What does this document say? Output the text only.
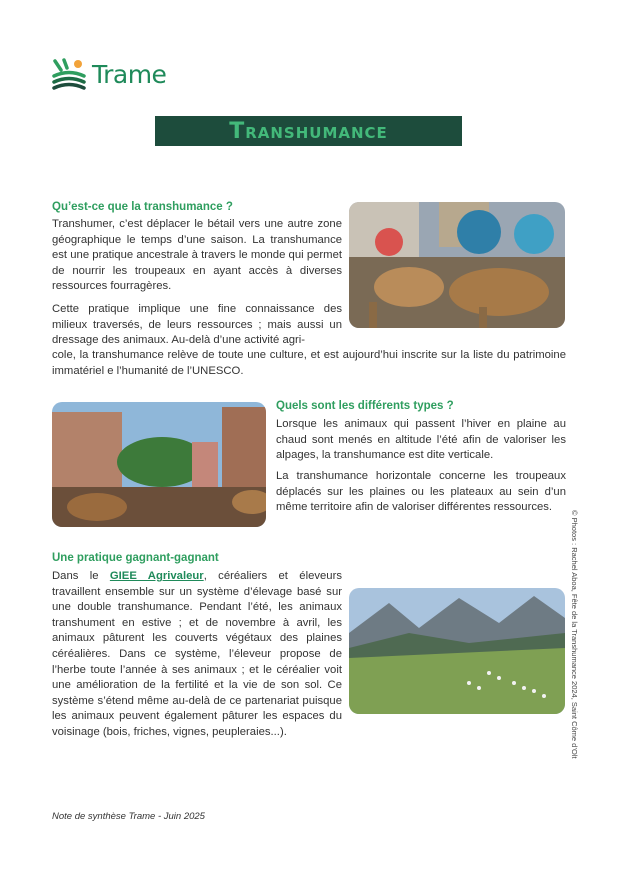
Trame
Transhumance
Qu’est-ce que la transhumance ?

Transhumer, c’est déplacer le bétail vers une autre zone géographique le temps d’une saison. La transhumance est une pratique ancestrale à travers le monde qui permet de nourrir les troupeaux en ayant accès à diverses ressources fourragères.

Cette pratique implique une fine connaissance des milieux traversés, de leurs ressources ; mais aussi un dressage des animaux. Au-delà d’une activité agri-

cole, la transhumance relève de toute une culture, et est aujourd’hui inscrite sur la liste du patrimoine immatériel e l’humanité de l’UNESCO.

Quels sont les différents types ?

Lorsque les animaux qui passent l’hiver en plaine au chaud sont menés en altitude l’été afin de valoriser les alpages, la transhumance est dite verticale.

La transhumance horizontale concerne les troupeaux déplacés sur les plaines ou les plateaux au sein d’un même territoire afin de valoriser différentes ressources.

Une pratique gagnant-gagnant

Dans le GIEE Agrivaleur, céréaliers et éleveurs travaillent ensemble sur un système d’élevage basé sur une double transhumance. Pendant l’été, les animaux transhument en estive ; et de novembre à avril, les animaux pâturent les couverts végétaux des plaines céréalières. Dans ce système, l’éleveur propose de l’herbe toute l’année à ses animaux ; et le céréalier voit une amélioration de la fertilité et la vie de son sol. Ce système s’étend même au-delà de ce partenariat puisque les animaux peuvent également pâturer les espaces du voisinage (bois, friches, vignes, peupleraies...).	© Photos : Rachel Aboa, Fête de la Transhumance 2024, Saint Côme d’Olt
Note de synthèse Trame - Juin 2025
